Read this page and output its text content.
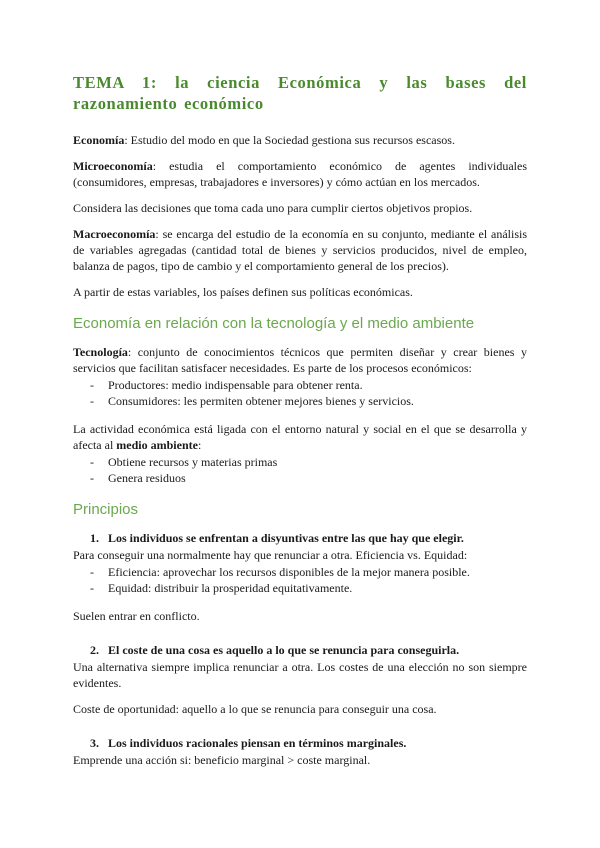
TEMA 1: la ciencia Económica y las bases del razonamiento económico

Economía: Estudio del modo en que la Sociedad gestiona sus recursos escasos.

Microeconomía: estudia el comportamiento económico de agentes individuales (consumidores, empresas, trabajadores e inversores) y cómo actúan en los mercados.

Considera las decisiones que toma cada uno para cumplir ciertos objetivos propios.

Macroeconomía: se encarga del estudio de la economía en su conjunto, mediante el análisis de variables agregadas (cantidad total de bienes y servicios producidos, nivel de empleo, balanza de pagos, tipo de cambio y el comportamiento general de los precios).

A partir de estas variables, los países definen sus políticas económicas.

Economía en relación con la tecnología y el medio ambiente

Tecnología: conjunto de conocimientos técnicos que permiten diseñar y crear bienes y servicios que facilitan satisfacer necesidades. Es parte de los procesos económicos:

- Productores: medio indispensable para obtener renta.
- Consumidores: les permiten obtener mejores bienes y servicios.

La actividad económica está ligada con el entorno natural y social en el que se desarrolla y afecta al medio ambiente:

- Obtiene recursos y materias primas
- Genera residuos
Principios
1. Los individuos se enfrentan a disyuntivas entre las que hay que elegir.

Para conseguir una normalmente hay que renunciar a otra. Eficiencia vs. Equidad:

- Eficiencia: aprovechar los recursos disponibles de la mejor manera posible.
- Equidad: distribuir la prosperidad equitativamente.

Suelen entrar en conflicto.

2. El coste de una cosa es aquello a lo que se renuncia para conseguirla.

Una alternativa siempre implica renunciar a otra. Los costes de una elección no son siempre evidentes.

Coste de oportunidad: aquello a lo que se renuncia para conseguir una cosa.

3. Los individuos racionales piensan en términos marginales.

Emprende una acción si: beneficio marginal > coste marginal.
